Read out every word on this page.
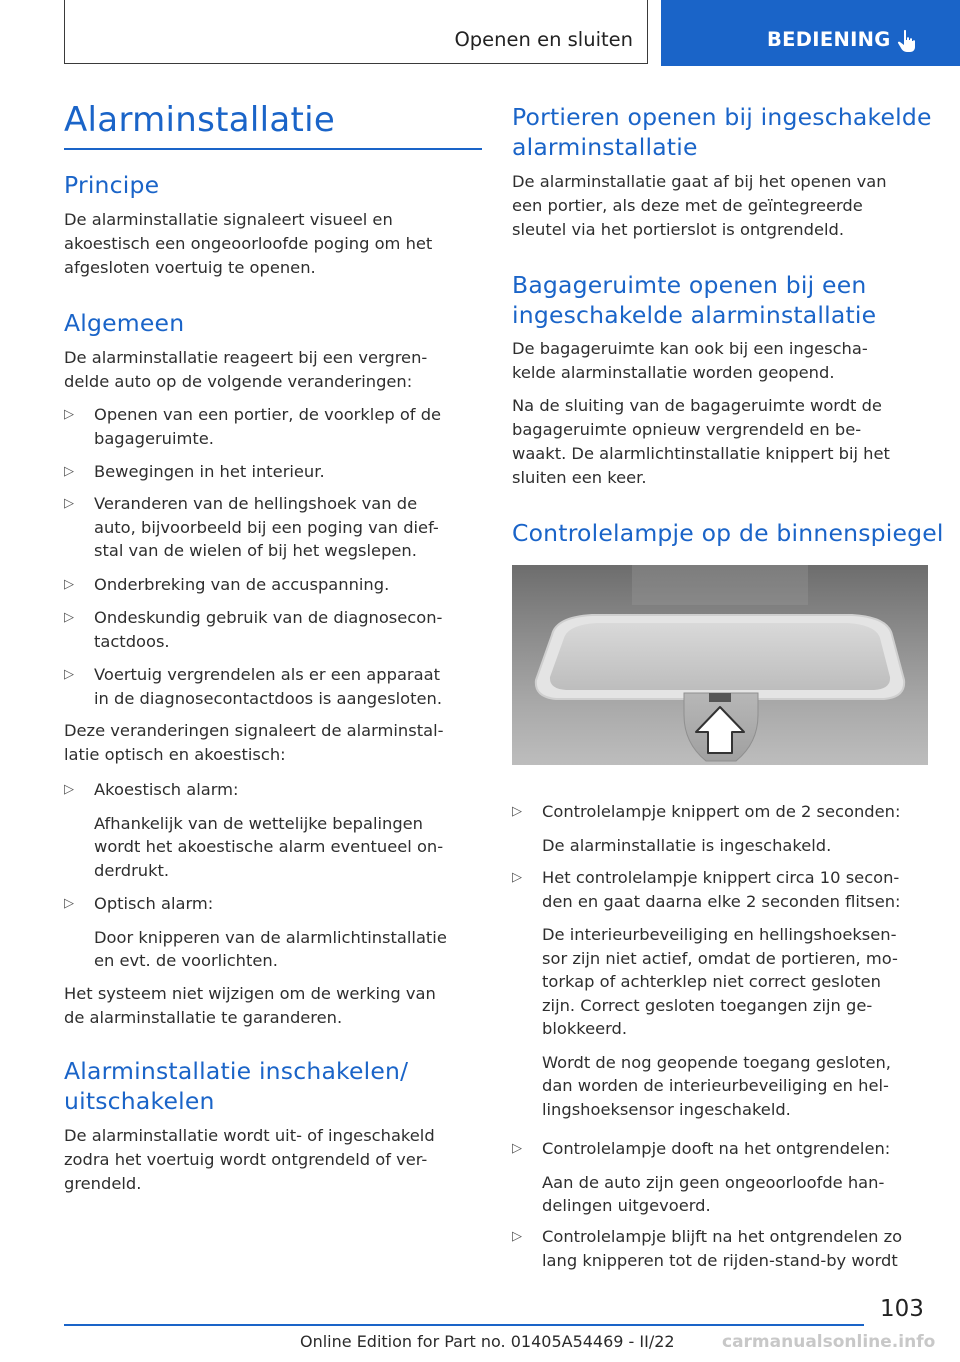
Openen en sluiten	BEDIENING
Alarminstallatie
Principe

De alarminstallatie signaleert visueel en

akoestisch een ongeoorloofde poging om het

afgesloten voertuig te openen.

Algemeen

De alarminstallatie reageert bij een vergren-

delde auto op de volgende veranderingen:

▷ Openen van een portier, de voorklep of de
bagageruimte.
▷ Bewegingen in het interieur.
▷ Veranderen van de hellingshoek van de
auto, bijvoorbeeld bij een poging van dief-
stal van de wielen of bij het wegslepen.
▷ Onderbreking van de accuspanning.
▷ Ondeskundig gebruik van de diagnosecon-
tactdoos.
▷ Voertuig vergrendelen als er een apparaat
in de diagnosecontactdoos is aangesloten.

Deze veranderingen signaleert de alarminstal-

latie optisch en akoestisch:

▷ Akoestisch alarm:
Afhankelijk van de wettelijke bepalingen
wordt het akoestische alarm eventueel on-
derdrukt.
▷ Optisch alarm:
Door knipperen van de alarmlichtinstallatie
en evt. de voorlichten.

Het systeem niet wijzigen om de werking van

de alarminstallatie te garanderen.

Alarminstallatie inschakelen/
uitschakelen

De alarminstallatie wordt uit- of ingeschakeld

zodra het voertuig wordt ontgrendeld of ver-

grendeld.

Portieren openen bij ingeschakelde
alarminstallatie

De alarminstallatie gaat af bij het openen van

een portier, als deze met de geïntegreerde

sleutel via het portierslot is ontgrendeld.

Bagageruimte openen bij een
ingeschakelde alarminstallatie

De bagageruimte kan ook bij een ingescha-

kelde alarminstallatie worden geopend.

Na de sluiting van de bagageruimte wordt de

bagageruimte opnieuw vergrendeld en be-

waakt. De alarmlichtinstallatie knippert bij het

sluiten een keer.

Controlelampje op de binnenspiegel
▷ Controlelampje knippert om de 2 seconden:
De alarminstallatie is ingeschakeld.
▷ Het controlelampje knippert circa 10 secon-
den en gaat daarna elke 2 seconden flitsen:
De interieurbeveiliging en hellingshoeksen-
sor zijn niet actief, omdat de portieren, mo-
torkap of achterklep niet correct gesloten
zijn. Correct gesloten toegangen zijn ge-
blokkeerd.
Wordt de nog geopende toegang gesloten,
dan worden de interieurbeveiliging en hel-
lingshoeksensor ingeschakeld.
▷ Controlelampje dooft na het ontgrendelen:
Aan de auto zijn geen ongeoorloofde han-
delingen uitgevoerd.
▷ Controlelampje blijft na het ontgrendelen zo
lang knipperen tot de rijden-stand-by wordt
103
Online Edition for Part no. 01405A54469 - II/22	carmanualsonline.info
